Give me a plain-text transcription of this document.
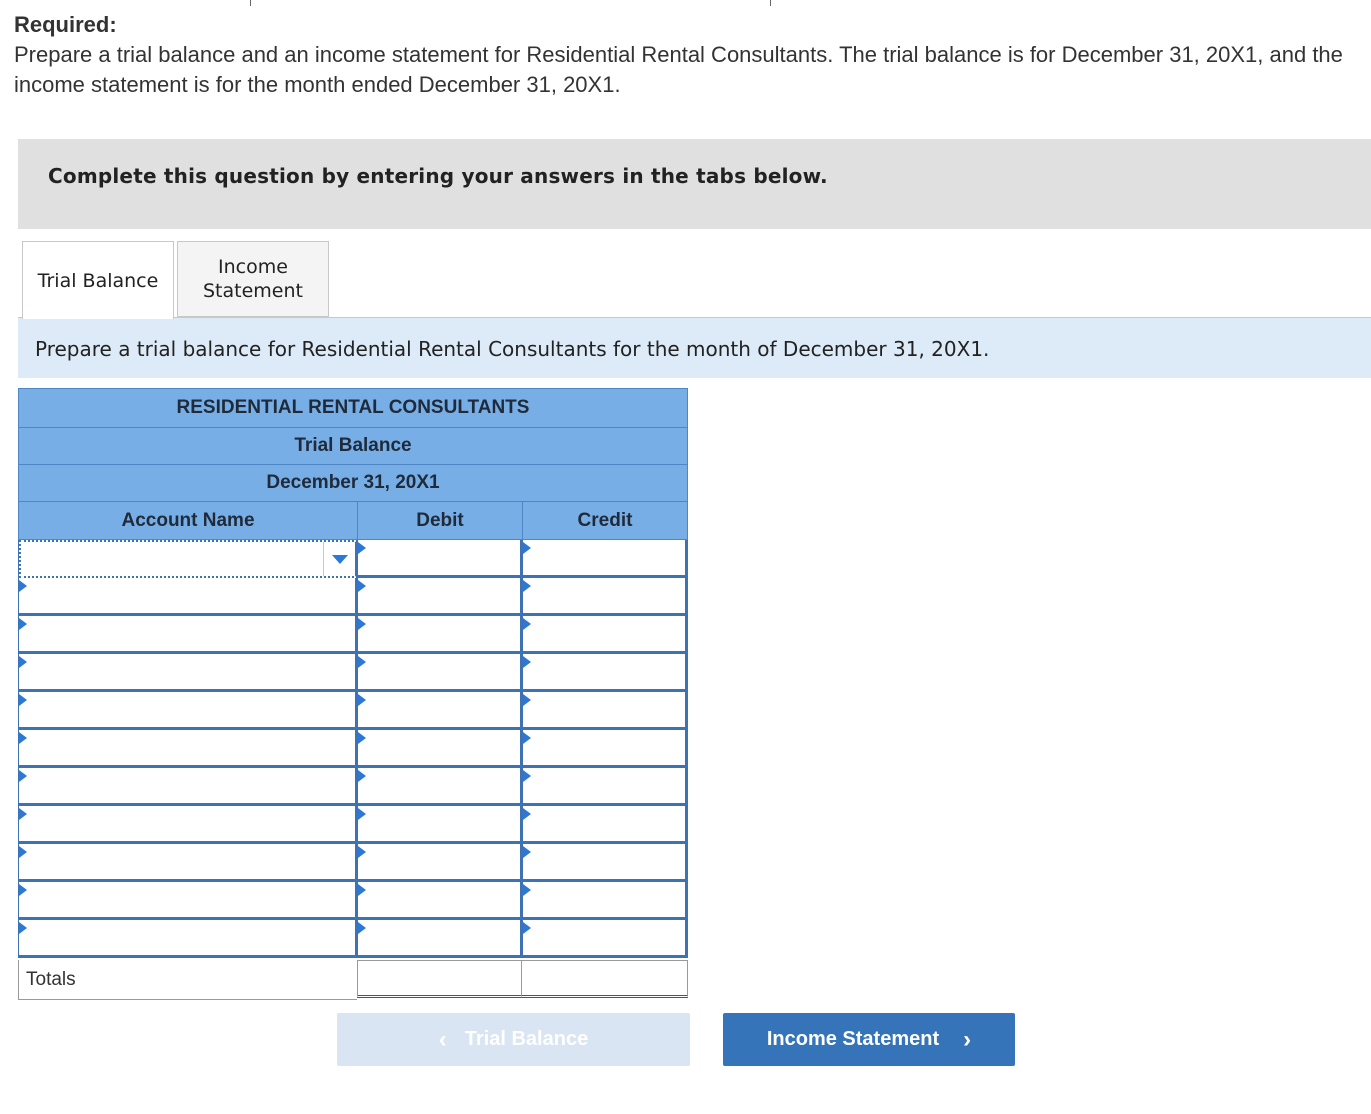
Required:
Prepare a trial balance and an income statement for Residential Rental Consultants. The trial balance is for December 31, 20X1, and the income statement is for the month ended December 31, 20X1.
Complete this question by entering your answers in the tabs below.
Trial Balance
Income Statement
Prepare a trial balance for Residential Rental Consultants for the month of December 31, 20X1.
RESIDENTIAL RENTAL CONSULTANTS
Trial Balance
December 31, 20X1
Account Name	Debit	Credit
Totals
‹ Trial Balance	Income Statement ›
